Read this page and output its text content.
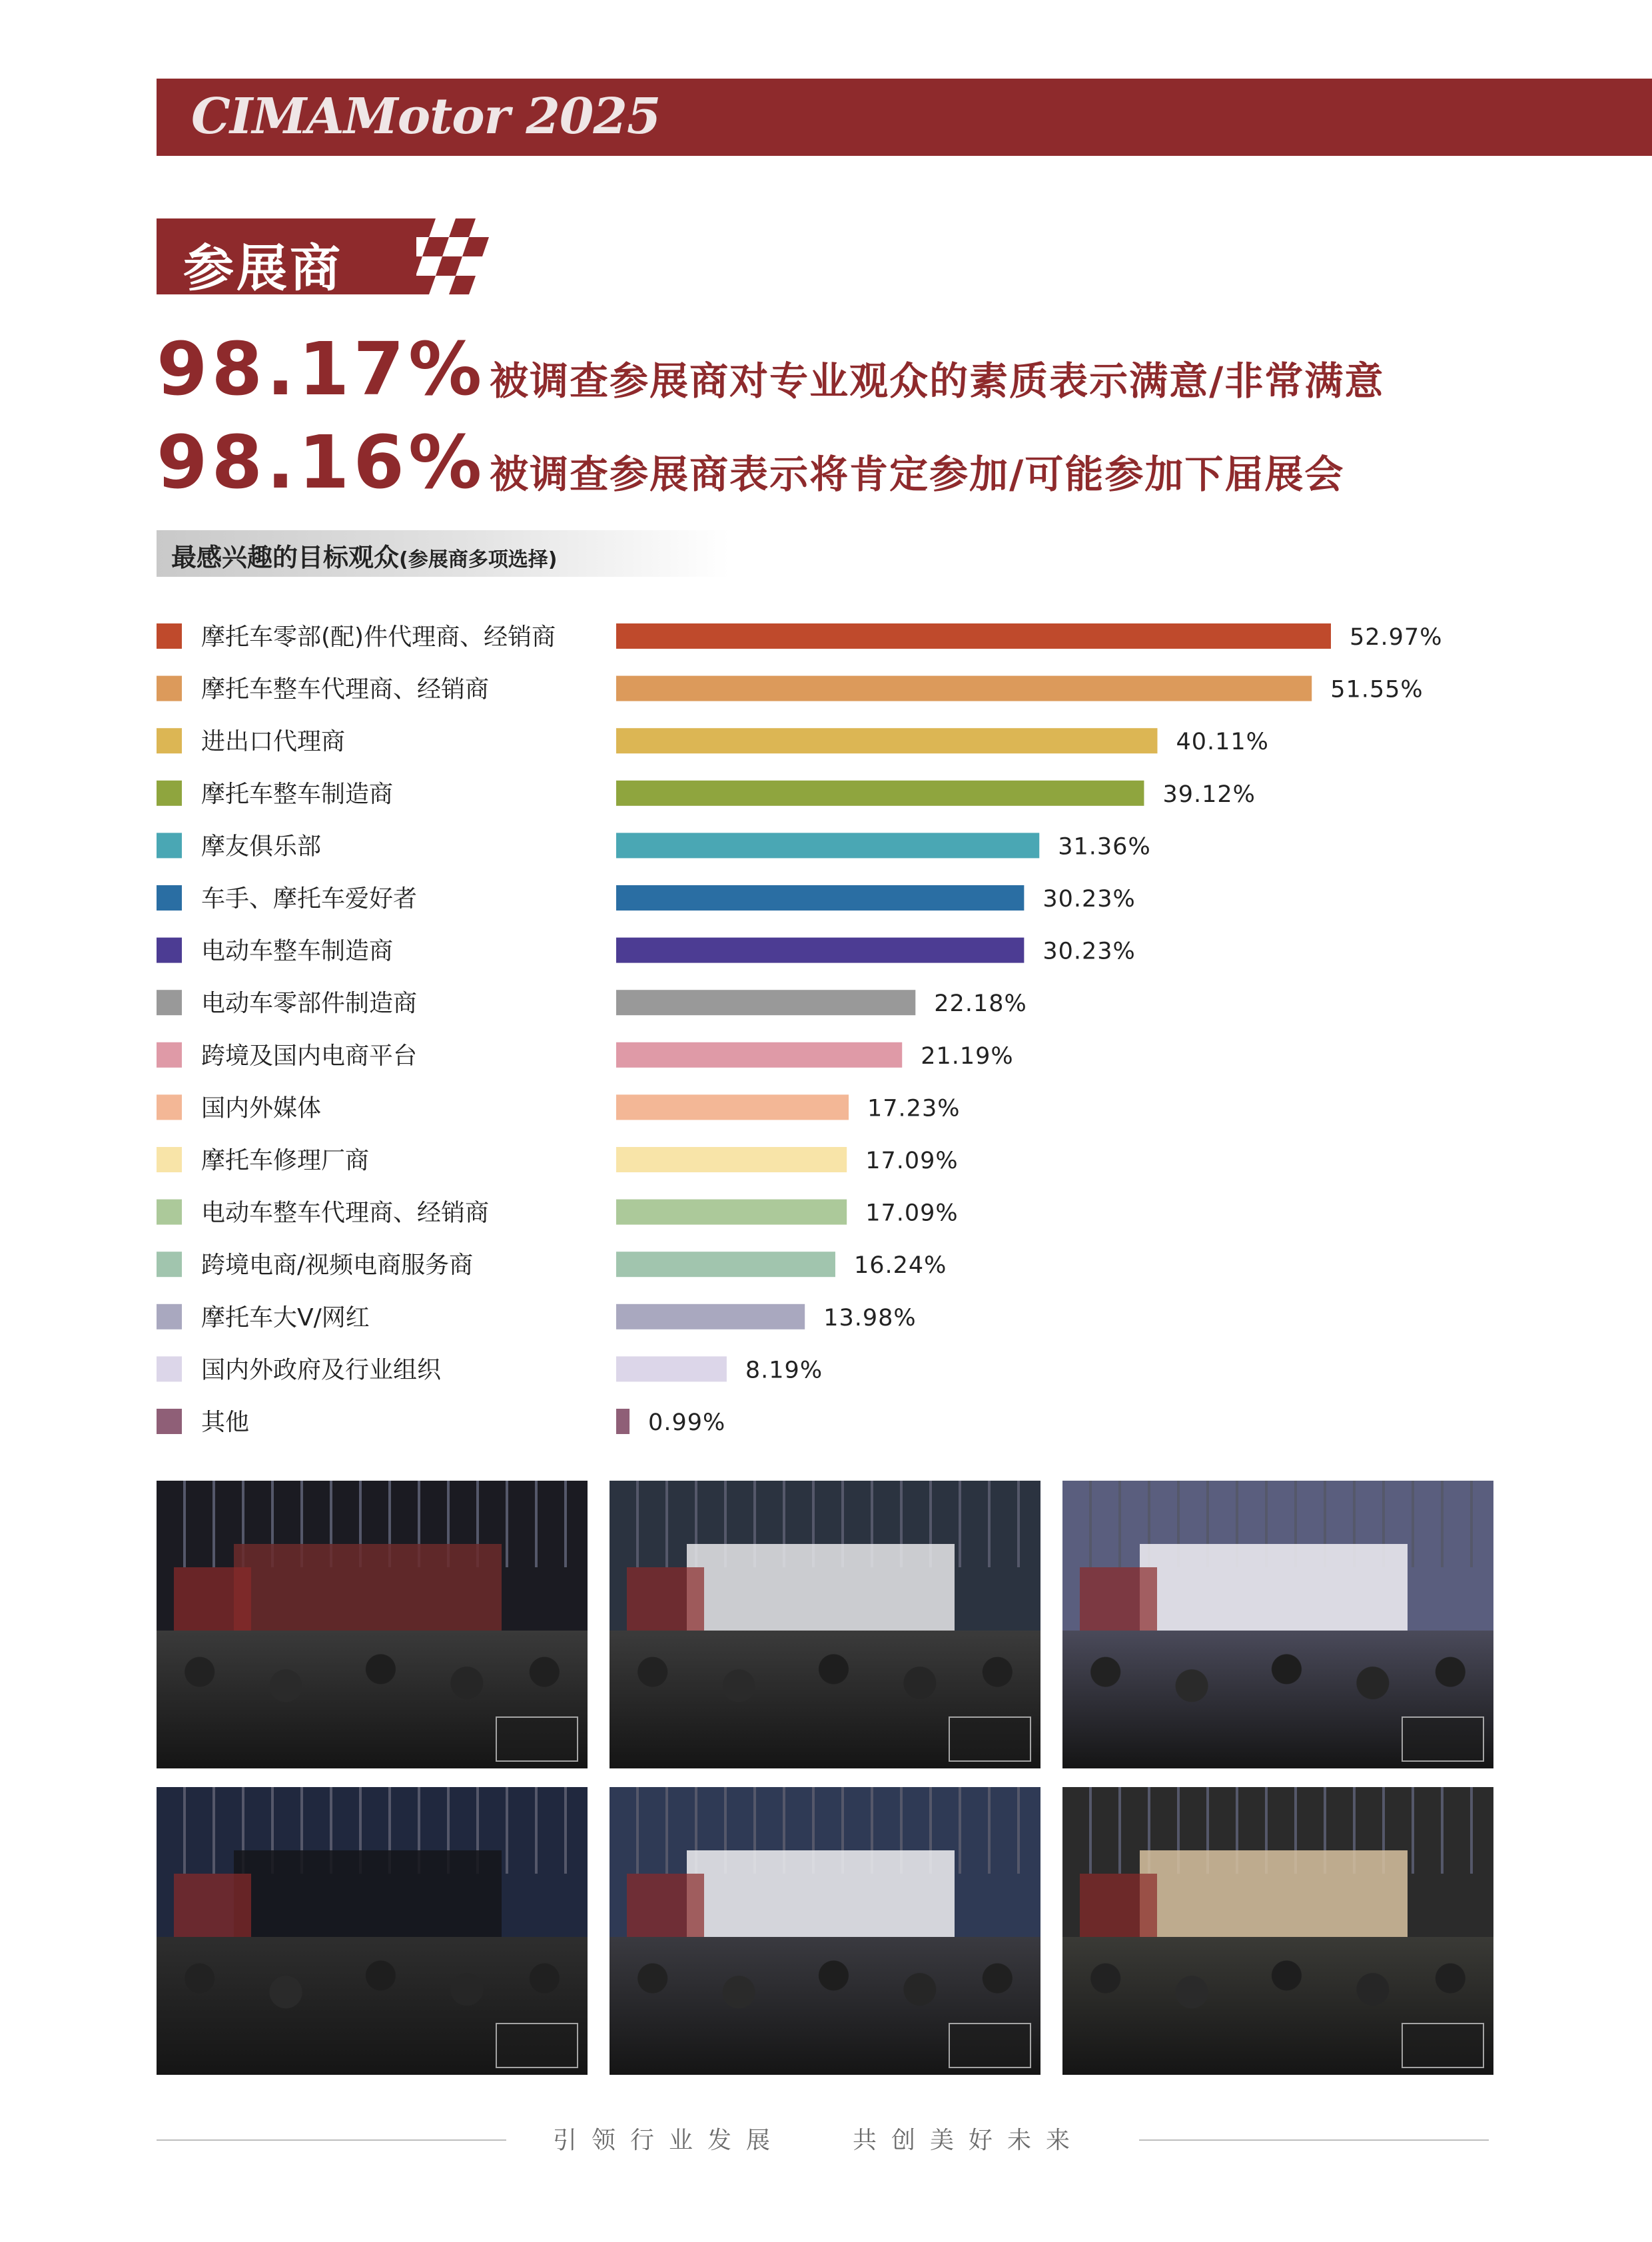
CIMAMotor 2025
参展商
98.17% 被调查参展商对专业观众的素质表示满意/非常满意
98.16% 被调查参展商表示将肯定参加/可能参加下届展会
最感兴趣的目标观众(参展商多项选择)
摩托车零部(配)件代理商、经销商	52.97%
摩托车整车代理商、经销商	51.55%
进出口代理商	40.11%
摩托车整车制造商	39.12%
摩友俱乐部	31.36%
车手、摩托车爱好者	30.23%
电动车整车制造商	30.23%
电动车零部件制造商	22.18%
跨境及国内电商平台	21.19%
国内外媒体	17.23%
摩托车修理厂商	17.09%
电动车整车代理商、经销商	17.09%
跨境电商/视频电商服务商	16.24%
摩托车大V/网红	13.98%
国内外政府及行业组织	8.19%
其他	0.99%
引领行业发展	共创美好未来
